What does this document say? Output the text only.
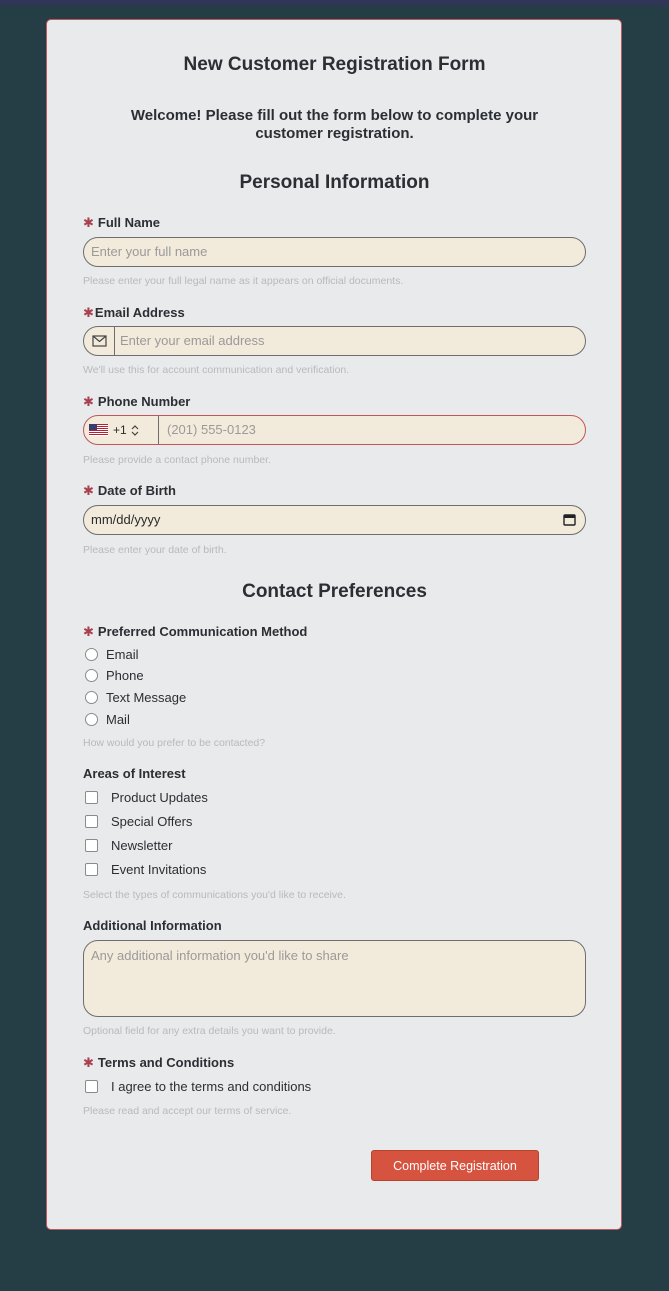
New Customer Registration Form
Welcome! Please fill out the form below to complete your customer registration.
Personal Information
✱ Full Name
Enter your full name
Please enter your full legal name as it appears on official documents.
✱Email Address
Enter your email address
We'll use this for account communication and verification.
✱ Phone Number
+1	(201) 555-0123
Please provide a contact phone number.
✱ Date of Birth
mm/dd/yyyy
Please enter your date of birth.
Contact Preferences
✱ Preferred Communication Method
Email
Phone
Text Message
Mail
How would you prefer to be contacted?
Areas of Interest
Product Updates
Special Offers
Newsletter
Event Invitations
Select the types of communications you'd like to receive.
Additional Information
Any additional information you'd like to share
Optional field for any extra details you want to provide.
✱ Terms and Conditions
I agree to the terms and conditions
Please read and accept our terms of service.
Complete Registration
